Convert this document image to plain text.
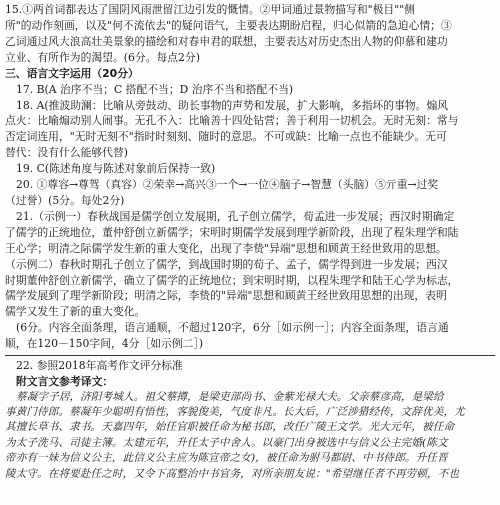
15.①两首词都表达了国阴风雨泄留江边引发的慨情。②甲词通过景物描写和"极目""侧
所"的动作刻画，以及"何不流依去"的疑问语气，主要表达期盼启程，归心似箭的急迫心情；③
乙词通过风大浪高壮美景象的描绘和对春申君的联想，主要表达对历史杰出人物的仰慕和建功
立业、有所作为的渴望。(6分。每点2分)
三、语言文字运用（20分）
17. B(A 治序不当；C 搭配不当；D 治序不当和搭配不当)
18. A(推波助澜：比喻从旁鼓动、助长事物的声势和发展，扩大影响，多指坏的事物。煽风
点火：比喻煽动别人闹事。无孔不入：比喻善十四处钻营；善于利用一切机会。无时无刻：常与
否定词连用，"无时无刻不"指时时刻刻、随时的意思。不可或缺：比喻一点也不能缺少。无可
替代：没有什么能够代替)
19. C(陈述角度与陈述对象前后保持一致)
20. ①尊容→尊驾（真容）②荣幸→高兴③一个→一位④脑子→智慧（头脑）⑤亓重→过奖
（过誉）(5分。每处2分)
21.（示例一）春秋战国是儒学创立发展期，孔子创立儒学，荀孟进一步发展；西汉时期确定
了儒学的正统地位，董仲舒创立新儒学；宋明时期儒学发展到理学新阶段，出现了程朱理学和陆
王心学；明清之际儒学发生新的重大变化，出现了李贽"异端"思想和顾黄王经世致用的思想。
（示例二）春秋时期孔子创立了儒学，到战国时期的荀子、孟子，儒学得到进一步发展；西汉
时期董仲舒创立新儒学，确立了儒学的正统地位；到宋明时期，以程朱理学和陆王心学为标志，
儒学发展到了理学新阶段；明清之际，李贽的"异端"思想和顾黄王经世致用思想的出现，表明
儒学又发生了新的重大变化。
(6分。内容全面条理，语言通顺，不超过120字，6分［如示例一］；内容全面条理，语言通
顺，在120－150字间，4分［如示例二］)
22. 参照2018年高考作文评分标准
附文言文参考译文：
蔡凝字子居，济阳考城人。祖父蔡撙，是梁吏部尚书、金紫光禄大夫。父亲蔡彦高，是梁给
事黄门侍郎。蔡凝年少聪明有悟性，客貌俊美，气度非凡。长大后，广泛涉猎经传，文辞优美，尤
其擅长草书、隶书。天嘉四年，始任官职被任命为秘书郎，改任广陵王文学。光大元年，被任命
为太子洗马、司徒主簿。太建元年，升任太子中舍人。以豪门出身被选中与信义公主完婚(陈文
帝亦有一妹为信义公主，此信义公主应为陈宣帝之女)，被任命为驸马都尉、中书侍郎。升任晋
陵太守。在将要赴任之时，又令下髙整治中书官务，对所亲朋友说："希望继任者不再劳顿，不也
